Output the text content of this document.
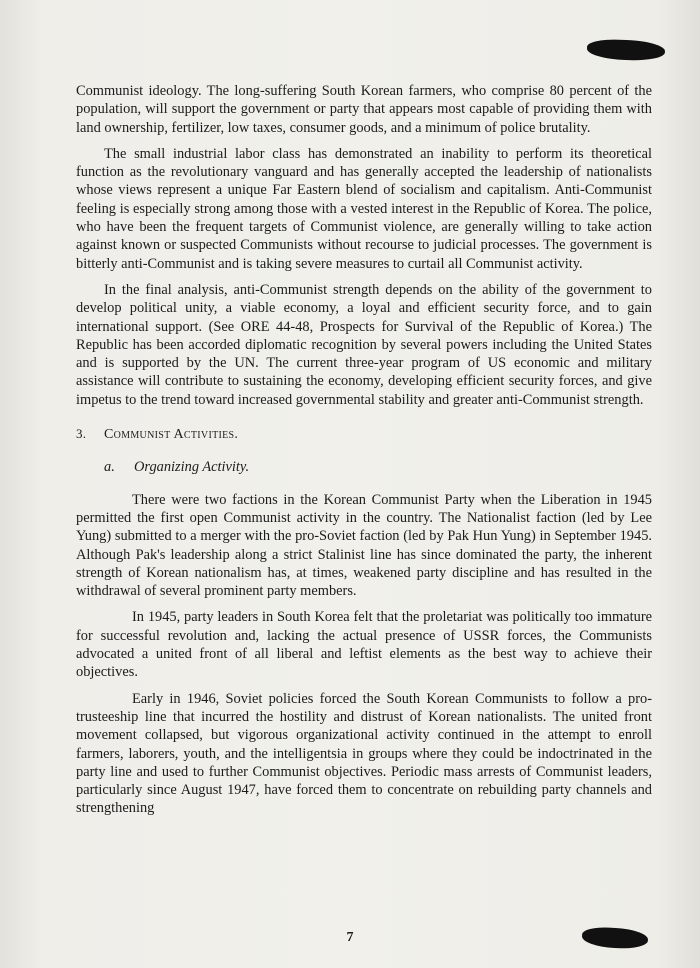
Communist ideology. The long-suffering South Korean farmers, who comprise 80 percent of the population, will support the government or party that appears most capable of providing them with land ownership, fertilizer, low taxes, consumer goods, and a minimum of police brutality.

The small industrial labor class has demonstrated an inability to perform its theoretical function as the revolutionary vanguard and has generally accepted the leadership of nationalists whose views represent a unique Far Eastern blend of socialism and capitalism. Anti-Communist feeling is especially strong among those with a vested interest in the Republic of Korea. The police, who have been the frequent targets of Communist violence, are generally willing to take action against known or suspected Communists without recourse to judicial processes. The government is bitterly anti-Communist and is taking severe measures to curtail all Communist activity.

In the final analysis, anti-Communist strength depends on the ability of the government to develop political unity, a viable economy, a loyal and efficient security force, and to gain international support. (See ORE 44-48, Prospects for Survival of the Republic of Korea.) The Republic has been accorded diplomatic recognition by several powers including the United States and is supported by the UN. The current three-year program of US economic and military assistance will contribute to sustaining the economy, developing efficient security forces, and give impetus to the trend toward increased governmental stability and greater anti-Communist strength.

3. Communist Activities.
a. Organizing Activity.

There were two factions in the Korean Communist Party when the Liberation in 1945 permitted the first open Communist activity in the country. The Nationalist faction (led by Lee Yung) submitted to a merger with the pro-Soviet faction (led by Pak Hun Yung) in September 1945. Although Pak's leadership along a strict Stalinist line has since dominated the party, the inherent strength of Korean nationalism has, at times, weakened party discipline and has resulted in the withdrawal of several prominent party members.

In 1945, party leaders in South Korea felt that the proletariat was politically too immature for successful revolution and, lacking the actual presence of USSR forces, the Communists advocated a united front of all liberal and leftist elements as the best way to achieve their objectives.

Early in 1946, Soviet policies forced the South Korean Communists to follow a pro-trusteeship line that incurred the hostility and distrust of Korean nationalists. The united front movement collapsed, but vigorous organizational activity continued in the attempt to enroll farmers, laborers, youth, and the intelligentsia in groups where they could be indoctrinated in the party line and used to further Communist objectives. Periodic mass arrests of Communist leaders, particularly since August 1947, have forced them to concentrate on rebuilding party channels and strengthening

7
